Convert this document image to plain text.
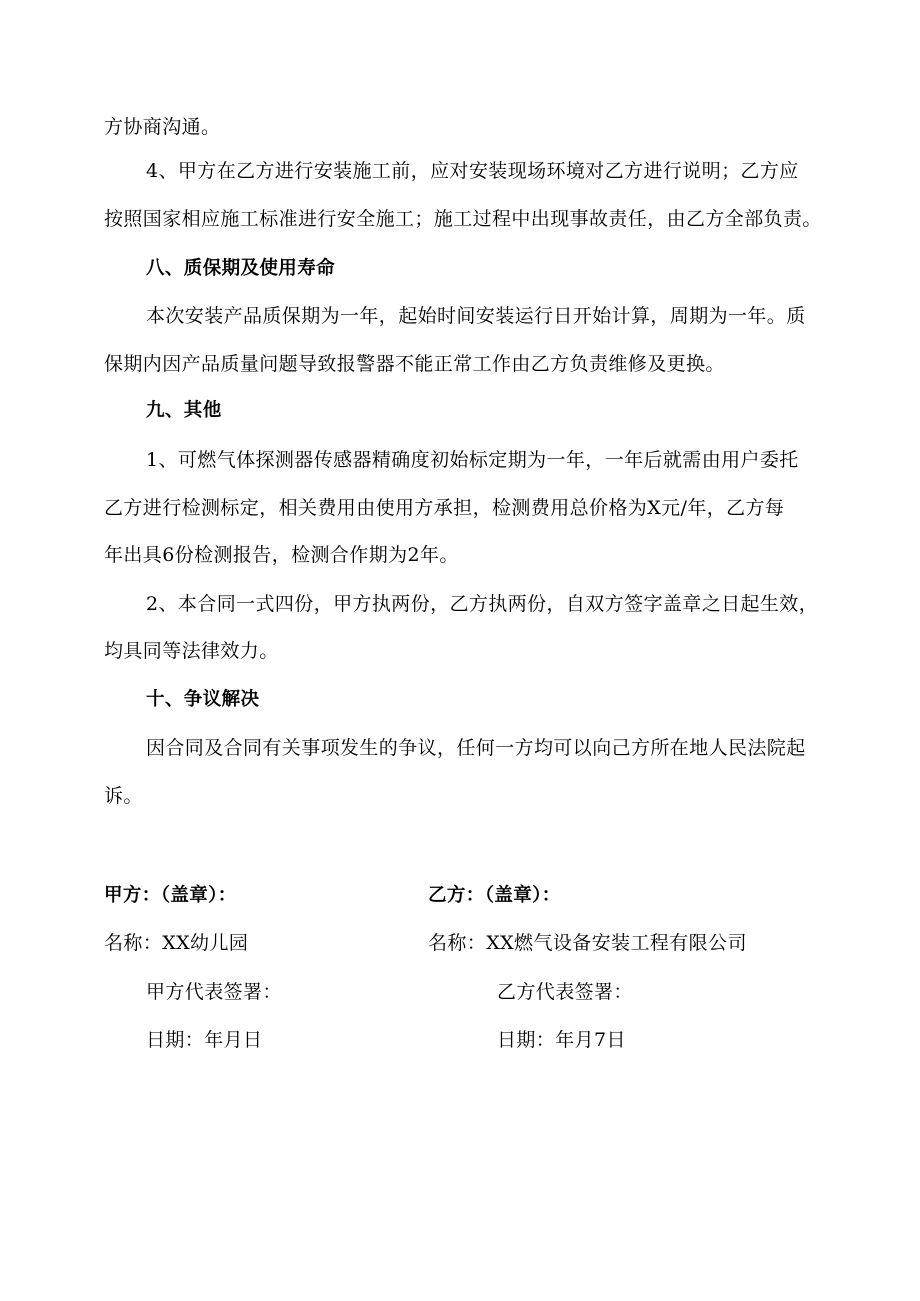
方协商沟通。
4、甲方在乙方进行安装施工前，应对安装现场环境对乙方进行说明；乙方应
按照国家相应施工标准进行安全施工；施工过程中出现事故责任，由乙方全部负责。
八、质保期及使用寿命
本次安装产品质保期为一年，起始时间安装运行日开始计算，周期为一年。质
保期内因产品质量问题导致报警器不能正常工作由乙方负责维修及更换。
九、其他
1、可燃气体探测器传感器精确度初始标定期为一年，一年后就需由用户委托
乙方进行检测标定，相关费用由使用方承担，检测费用总价格为X元/年，乙方每
年出具6份检测报告，检测合作期为2年。
2、本合同一式四份，甲方执两份，乙方执两份，自双方签字盖章之日起生效，
均具同等法律效力。
十、争议解决
因合同及合同有关事项发生的争议，任何一方均可以向己方所在地人民法院起
诉。
甲方：（盖章）：
名称：XX幼儿园
甲方代表签署：
日期：年月日
乙方：（盖章）：
名称：XX燃气设备安装工程有限公司
乙方代表签署：
日期：年月7日
